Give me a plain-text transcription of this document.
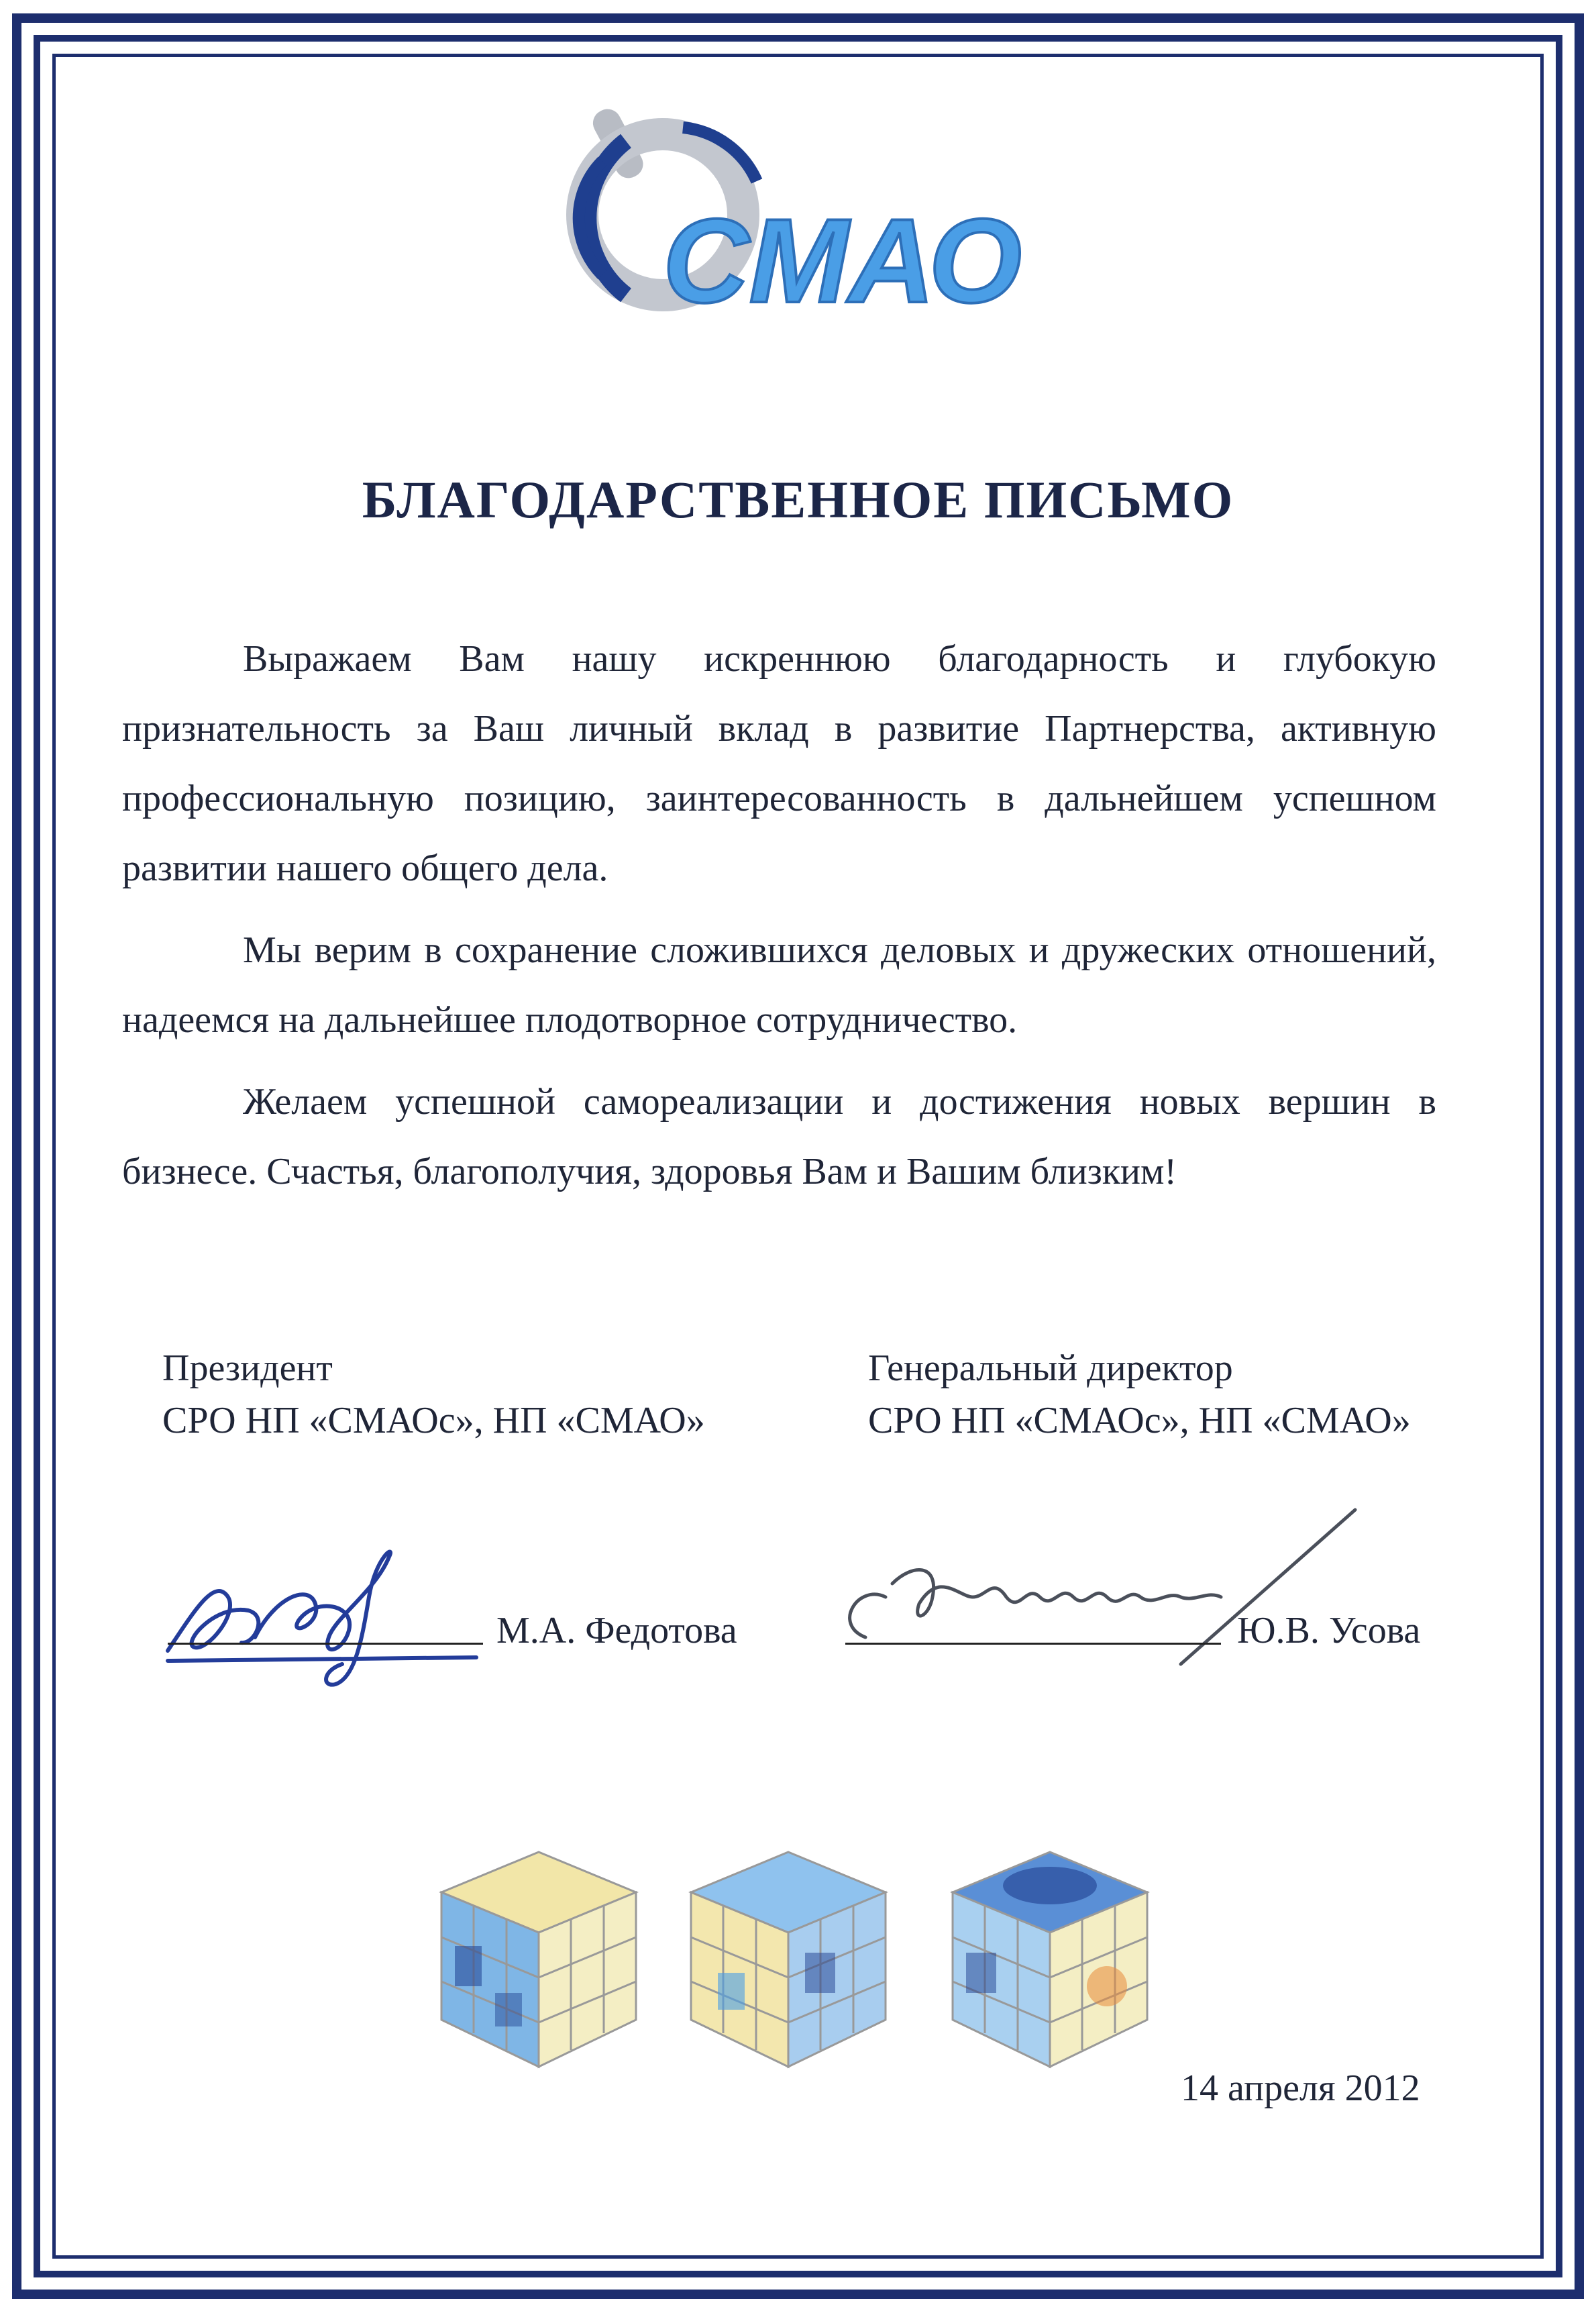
СМАО
БЛАГОДАРСТВЕННОЕ ПИСЬМО

Выражаем Вам нашу искреннюю благодарность и глубокую признательность за Ваш личный вклад в развитие Партнерства, активную профессиональную позицию, заинтересованность в дальнейшем успешном развитии нашего общего дела.

Мы верим в сохранение сложившихся деловых и дружеских отношений, надеемся на дальнейшее плодотворное сотрудничество.

Желаем успешной самореализации и достижения новых вершин в бизнесе. Счастья, благополучия, здоровья Вам и Вашим близким!

Президент
СРО НП «СМАОс», НП «СМАО»
Генеральный директор
СРО НП «СМАОс», НП «СМАО»
М.А. Федотова	Ю.В. Усова
14 апреля 2012
